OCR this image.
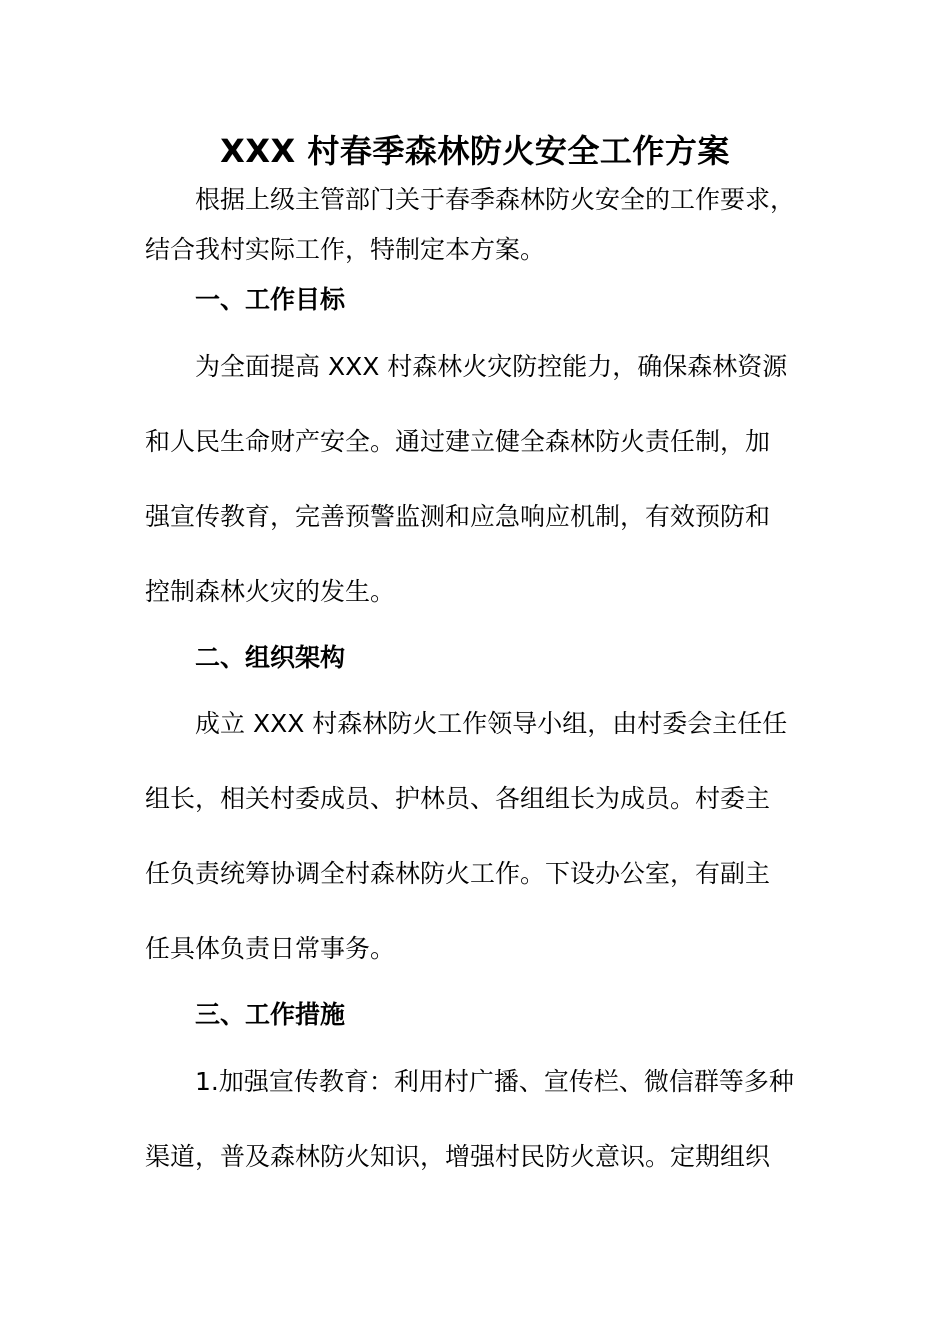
XXX 村春季森林防火安全工作方案
根据上级主管部门关于春季森林防火安全的工作要求，
结合我村实际工作，特制定本方案。
一、工作目标
为全面提高 XXX 村森林火灾防控能力，确保森林资源
和人民生命财产安全。通过建立健全森林防火责任制，加
强宣传教育，完善预警监测和应急响应机制，有效预防和
控制森林火灾的发生。
二、组织架构
成立 XXX 村森林防火工作领导小组，由村委会主任任
组长，相关村委成员、护林员、各组组长为成员。村委主
任负责统筹协调全村森林防火工作。下设办公室，有副主
任具体负责日常事务。
三、工作措施
1.加强宣传教育：利用村广播、宣传栏、微信群等多种
渠道，普及森林防火知识，增强村民防火意识。定期组织
